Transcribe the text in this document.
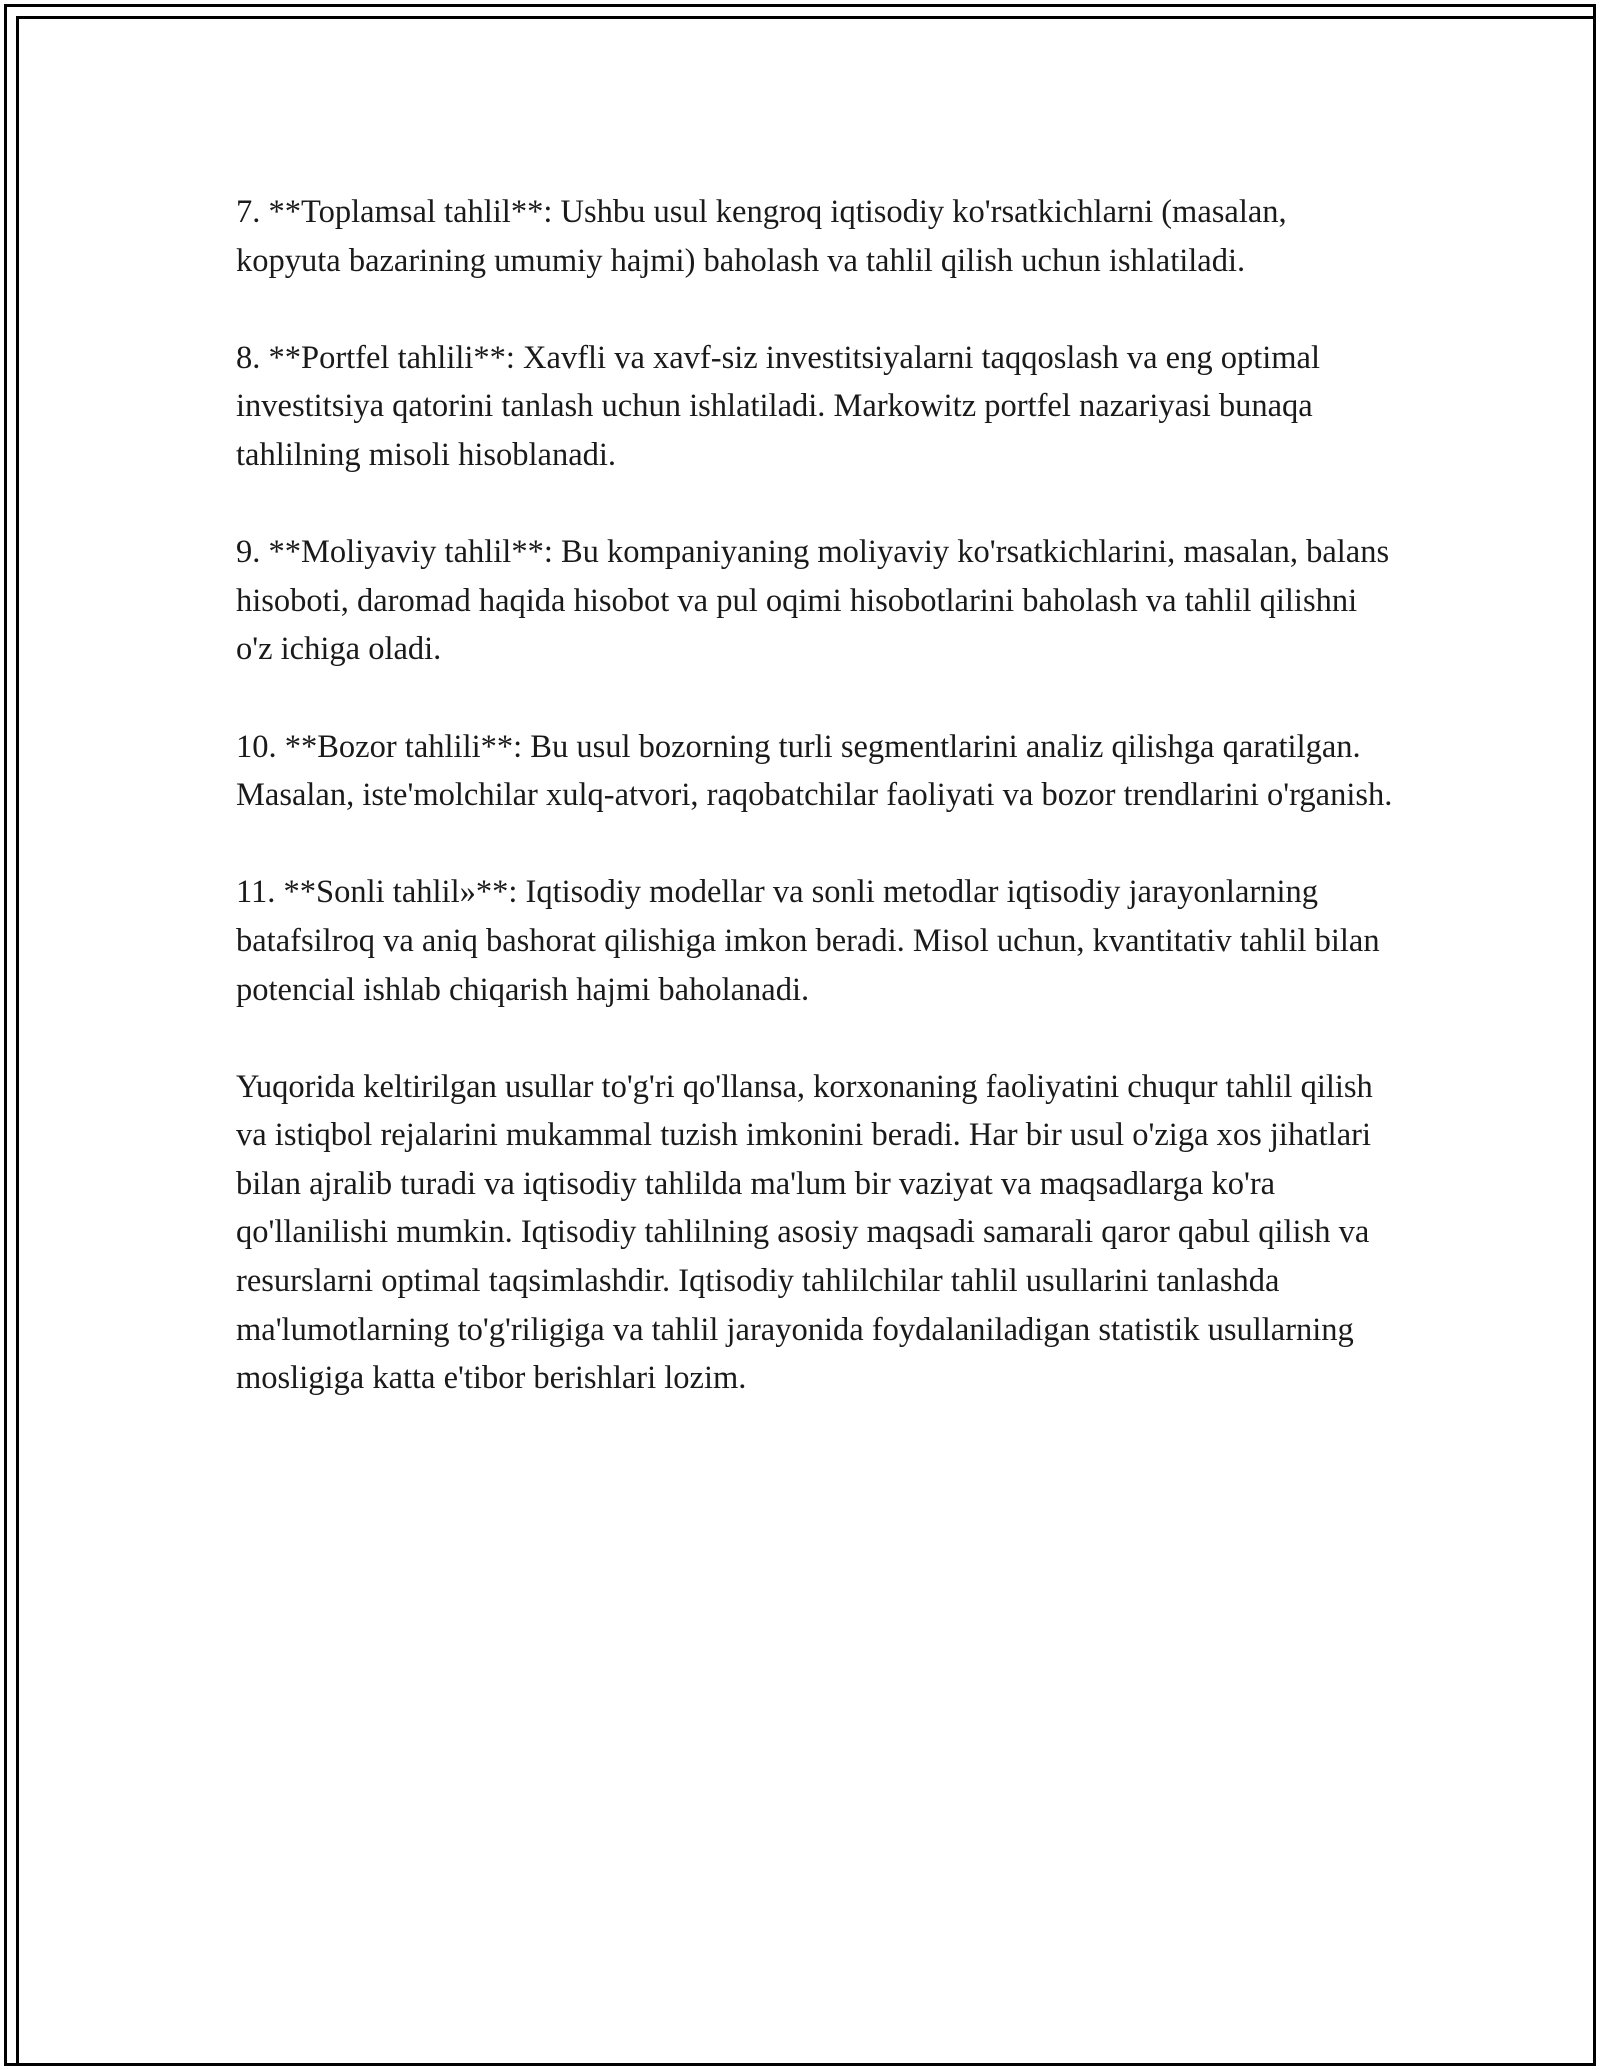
7. **Toplamsal tahlil**: Ushbu usul kengroq iqtisodiy ko'rsatkichlarni (masalan, kopyuta bazarining umumiy hajmi) baholash va tahlil qilish uchun ishlatiladi.

8. **Portfel tahlili**: Xavfli va xavf-siz investitsiyalarni taqqoslash va eng optimal investitsiya qatorini tanlash uchun ishlatiladi. Markowitz portfel nazariyasi bunaqa tahlilning misoli hisoblanadi.

9. **Moliyaviy tahlil**: Bu kompaniyaning moliyaviy ko'rsatkichlarini, masalan, balans hisoboti, daromad haqida hisobot va pul oqimi hisobotlarini baholash va tahlil qilishni o'z ichiga oladi.

10. **Bozor tahlili**: Bu usul bozorning turli segmentlarini analiz qilishga qaratilgan. Masalan, iste'molchilar xulq-atvori, raqobatchilar faoliyati va bozor trendlarini o'rganish.

11. **Sonli tahlil»**: Iqtisodiy modellar va sonli metodlar iqtisodiy jarayonlarning batafsilroq va aniq bashorat qilishiga imkon beradi. Misol uchun, kvantitativ tahlil bilan potencial ishlab chiqarish hajmi baholanadi.

Yuqorida keltirilgan usullar to'g'ri qo'llansa, korxonaning faoliyatini chuqur tahlil qilish va istiqbol rejalarini mukammal tuzish imkonini beradi. Har bir usul o'ziga xos jihatlari bilan ajralib turadi va iqtisodiy tahlilda ma'lum bir vaziyat va maqsadlarga ko'ra qo'llanilishi mumkin. Iqtisodiy tahlilning asosiy maqsadi samarali qaror qabul qilish va resurslarni optimal taqsimlashdir. Iqtisodiy tahlilchilar tahlil usullarini tanlashda ma'lumotlarning to'g'riligiga va tahlil jarayonida foydalaniladigan statistik usullarning mosligiga katta e'tibor berishlari lozim.
